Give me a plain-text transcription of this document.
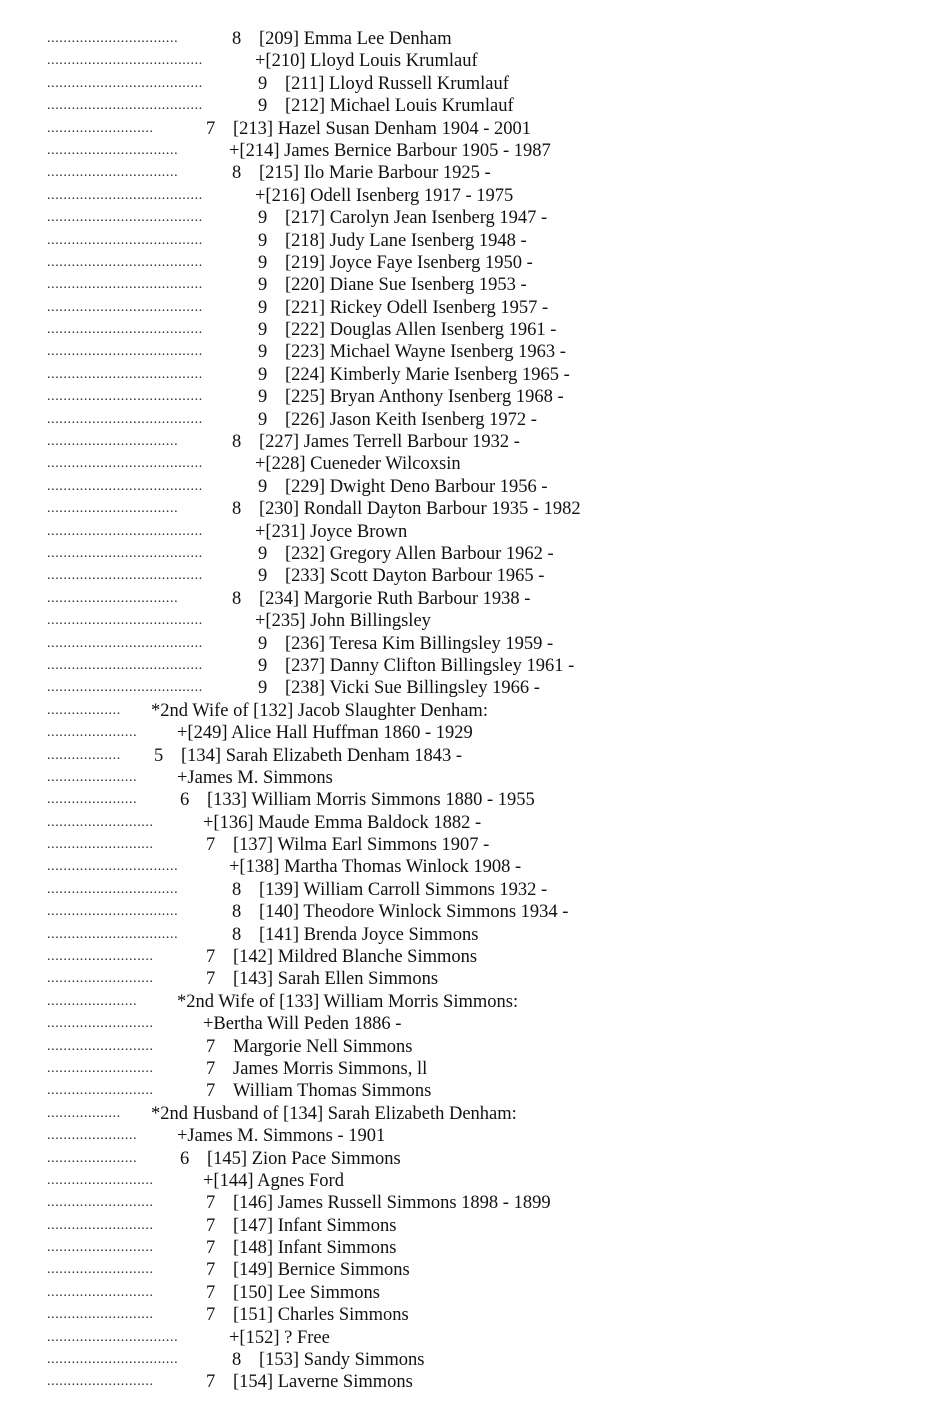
................................	8 [209] Emma Lee Denham
......................................	+[210] Lloyd Louis Krumlauf
......................................	9 [211] Lloyd Russell Krumlauf
......................................	9 [212] Michael Louis Krumlauf
..........................	7 [213] Hazel Susan Denham 1904 - 2001
................................	+[214] James Bernice Barbour 1905 - 1987
................................	8 [215] Ilo Marie Barbour 1925 -
......................................	+[216] Odell Isenberg 1917 - 1975
......................................	9 [217] Carolyn Jean Isenberg 1947 -
......................................	9 [218] Judy Lane Isenberg 1948 -
......................................	9 [219] Joyce Faye Isenberg 1950 -
......................................	9 [220] Diane Sue Isenberg 1953 -
......................................	9 [221] Rickey Odell Isenberg 1957 -
......................................	9 [222] Douglas Allen Isenberg 1961 -
......................................	9 [223] Michael Wayne Isenberg 1963 -
......................................	9 [224] Kimberly Marie Isenberg 1965 -
......................................	9 [225] Bryan Anthony Isenberg 1968 -
......................................	9 [226] Jason Keith Isenberg 1972 -
................................	8 [227] James Terrell Barbour 1932 -
......................................	+[228] Cueneder Wilcoxsin
......................................	9 [229] Dwight Deno Barbour 1956 -
................................	8 [230] Rondall Dayton Barbour 1935 - 1982
......................................	+[231] Joyce Brown
......................................	9 [232] Gregory Allen Barbour 1962 -
......................................	9 [233] Scott Dayton Barbour 1965 -
................................	8 [234] Margorie Ruth Barbour 1938 -
......................................	+[235] John Billingsley
......................................	9 [236] Teresa Kim Billingsley 1959 -
......................................	9 [237] Danny Clifton Billingsley 1961 -
......................................	9 [238] Vicki Sue Billingsley 1966 -
.................. *2nd Wife of [132] Jacob Slaughter Denham:
...................... +[249] Alice Hall Huffman 1860 - 1929
.................. 5 [134] Sarah Elizabeth Denham 1843 -
...................... +James M. Simmons
...................... 6 [133] William Morris Simmons 1880 - 1955
..........................	+[136] Maude Emma Baldock 1882 -
..........................	7 [137] Wilma Earl Simmons 1907 -
................................	+[138] Martha Thomas Winlock 1908 -
................................	8 [139] William Carroll Simmons 1932 -
................................	8 [140] Theodore Winlock Simmons 1934 -
................................	8 [141] Brenda Joyce Simmons
..........................	7 [142] Mildred Blanche Simmons
..........................	7 [143] Sarah Ellen Simmons
...................... *2nd Wife of [133] William Morris Simmons:
..........................	+Bertha Will Peden 1886 -
..........................	7 Margorie Nell Simmons
..........................	7 James Morris Simmons, ll
..........................	7 William Thomas Simmons
.................. *2nd Husband of [134] Sarah Elizabeth Denham:
...................... +James M. Simmons - 1901
...................... 6 [145] Zion Pace Simmons
..........................	+[144] Agnes Ford
..........................	7 [146] James Russell Simmons 1898 - 1899
..........................	7 [147] Infant Simmons
..........................	7 [148] Infant Simmons
..........................	7 [149] Bernice Simmons
..........................	7 [150] Lee Simmons
..........................	7 [151] Charles Simmons
................................	+[152] ? Free
................................	8 [153] Sandy Simmons
..........................	7 [154] Laverne Simmons
